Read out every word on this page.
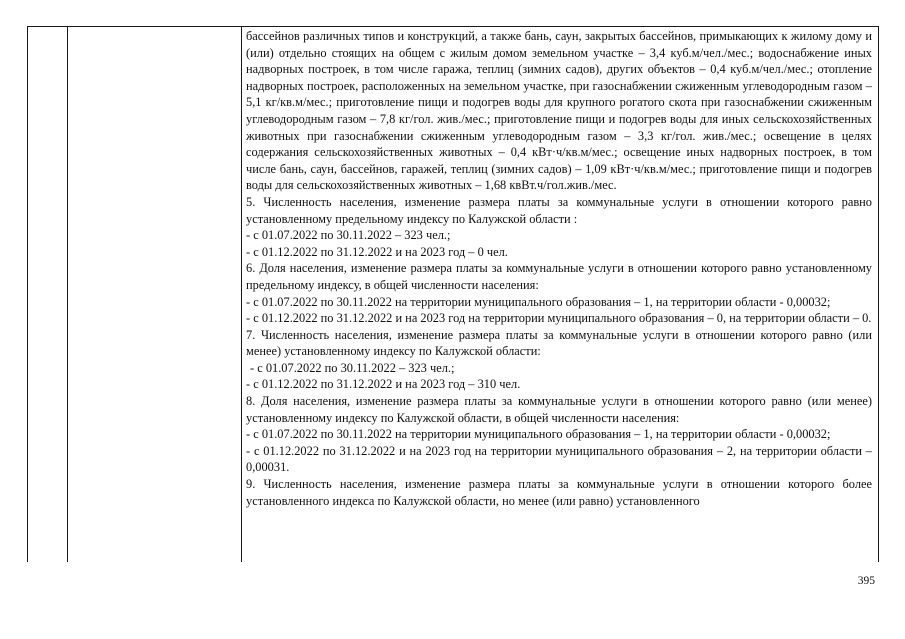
бассейнов различных типов и конструкций, а также бань, саун, закрытых бассейнов, примыкающих к жилому дому и (или) отдельно стоящих на общем с жилым домом земельном участке – 3,4 куб.м/чел./мес.; водоснабжение иных надворных построек, в том числе гаража, теплиц (зимних садов), других объектов – 0,4 куб.м/чел./мес.; отопление надворных построек, расположенных на земельном участке, при газоснабжении сжиженным углеводородным газом – 5,1 кг/кв.м/мес.; приготовление пищи и подогрев воды для крупного рогатого скота при газоснабжении сжиженным углеводородным газом – 7,8 кг/гол. жив./мес.; приготовление пищи и подогрев воды для иных сельскохозяйственных животных при газоснабжении сжиженным углеводородным газом – 3,3 кг/гол. жив./мес.; освещение в целях содержания сельскохозяйственных животных – 0,4 кВт·ч/кв.м/мес.; освещение иных надворных построек, в том числе бань, саун, бассейнов, гаражей, теплиц (зимних садов) – 1,09 кВт·ч/кв.м/мес.; приготовление пищи и подогрев воды для сельскохозяйственных животных – 1,68 квВт.ч/гол.жив./мес.

5. Численность населения, изменение размера платы за коммунальные услуги в отношении которого равно установленному предельному индексу по Калужской области :

- с 01.07.2022 по 30.11.2022 – 323 чел.;

- с 01.12.2022 по 31.12.2022 и на 2023 год – 0 чел.

6. Доля населения, изменение размера платы за коммунальные услуги в отношении которого равно установленному предельному индексу, в общей численности населения:

- с 01.07.2022 по 30.11.2022 на территории муниципального образования – 1, на территории области - 0,00032;

- с 01.12.2022 по 31.12.2022 и на 2023 год на территории муниципального образования – 0, на территории области – 0.

7. Численность населения, изменение размера платы за коммунальные услуги в отношении которого равно (или менее) установленному индексу по Калужской области:

- с 01.07.2022 по 30.11.2022 – 323 чел.;

- с 01.12.2022 по 31.12.2022 и на 2023 год – 310 чел.

8. Доля населения, изменение размера платы за коммунальные услуги в отношении которого равно (или менее) установленному индексу по Калужской области, в общей численности населения:

- с 01.07.2022 по 30.11.2022 на территории муниципального образования – 1, на территории области - 0,00032;

- с 01.12.2022 по 31.12.2022 и на 2023 год на территории муниципального образования – 2, на территории области – 0,00031.

9. Численность населения, изменение размера платы за коммунальные услуги в отношении которого более установленного индекса по Калужской области, но менее (или равно) установленного

395
